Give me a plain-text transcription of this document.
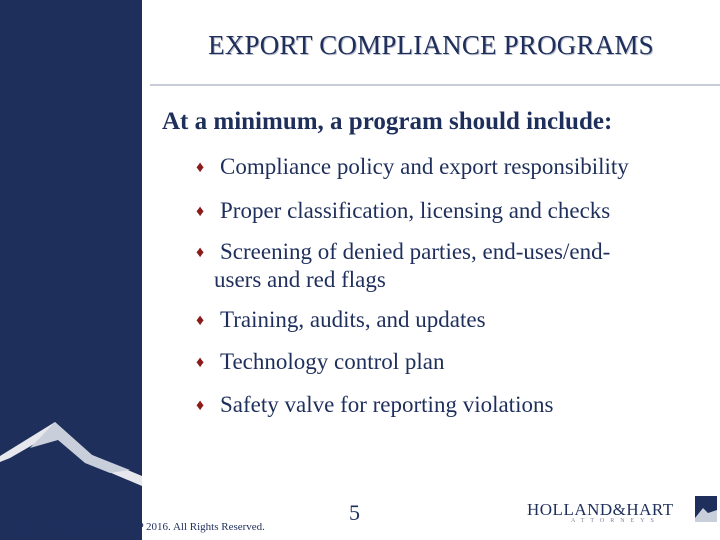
EXPORT COMPLIANCE PROGRAMS
At a minimum, a program should include:
♦ Compliance policy and export responsibility
♦ Proper classification, licensing and checks
♦ Screening of denied parties, end-uses/end-
users and red flags
♦ Training, audits, and updates
♦ Technology control plan
♦ Safety valve for reporting violations
5
Copyright Holland & Hart LLP 2016. All Rights Reserved.
HOLLAND&HART
ATTORNEYS
